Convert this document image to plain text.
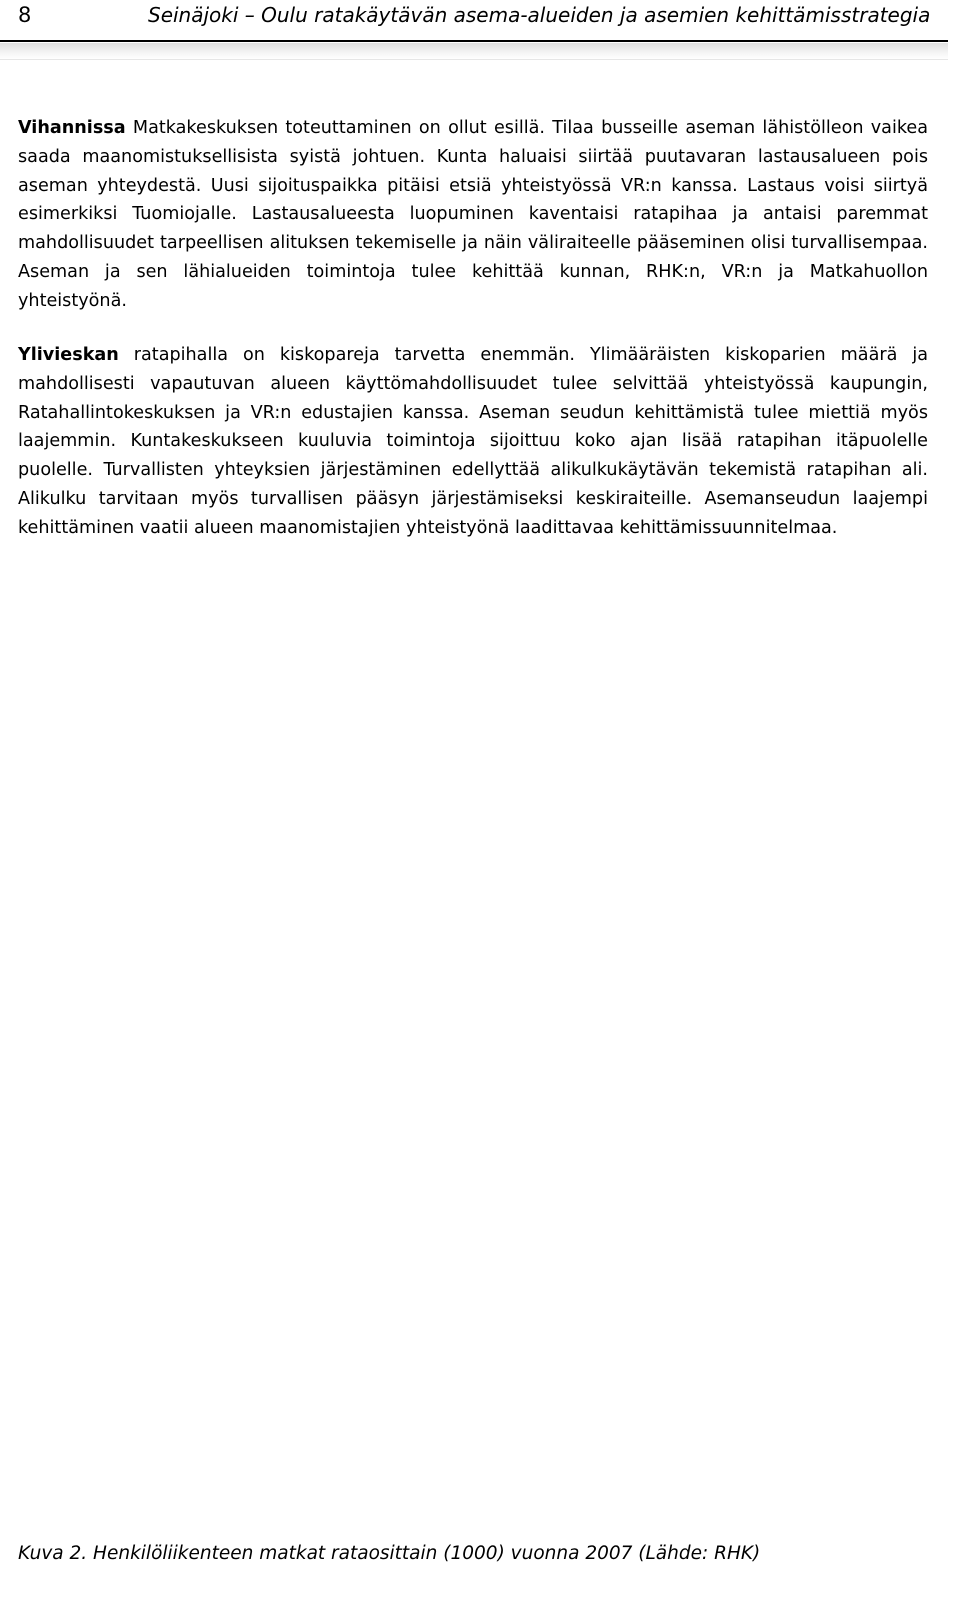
8	Seinäjoki – Oulu ratakäytävän asema-alueiden ja asemien kehittämisstrategia

Vihannissa Matkakeskuksen toteuttaminen on ollut esillä. Tilaa busseille aseman lähistölleon vaikea saada maanomistuksellisista syistä johtuen. Kunta haluaisi siirtää puutavaran lastausalueen pois aseman yhteydestä. Uusi sijoituspaikka pitäisi etsiä yhteistyössä VR:n kanssa. Lastaus voisi siirtyä esimerkiksi Tuomiojalle. Lastausalueesta luopuminen kaventaisi ratapihaa ja antaisi paremmat mahdollisuudet tarpeellisen alituksen tekemiselle ja näin väliraiteelle pääseminen olisi turvallisempaa. Aseman ja sen lähialueiden toimintoja tulee kehittää kunnan, RHK:n, VR:n ja Matkahuollon yhteistyönä.

Ylivieskan ratapihalla on kiskopareja tarvetta enemmän. Ylimääräisten kiskoparien määrä ja mahdollisesti vapautuvan alueen käyttömahdollisuudet tulee selvittää yhteistyössä kaupungin, Ratahallintokeskuksen ja VR:n edustajien kanssa. Aseman seudun kehittämistä tulee miettiä myös laajemmin. Kuntakeskukseen kuuluvia toimintoja sijoittuu koko ajan lisää ratapihan itäpuolelle puolelle. Turvallisten yhteyksien järjestäminen edellyttää alikulkukäytävän tekemistä ratapihan ali. Alikulku tarvitaan myös turvallisen pääsyn järjestämiseksi keskiraiteille. Asemanseudun laajempi kehittäminen vaatii alueen maanomistajien yhteistyönä laadittavaa kehittämissuunnitelmaa.

Kuva 2. Henkilöliikenteen matkat rataosittain (1000) vuonna 2007 (Lähde: RHK)
